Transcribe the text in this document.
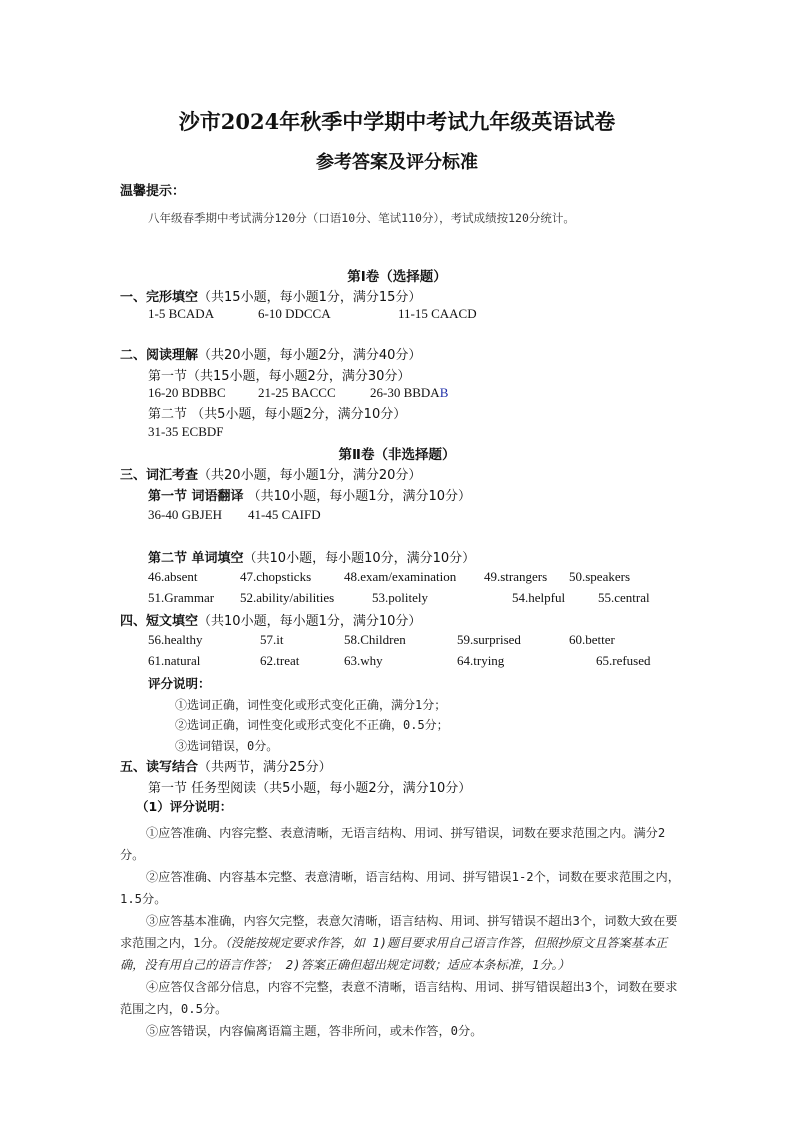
沙市2024年秋季中学期中考试九年级英语试卷
参考答案及评分标准
温馨提示：
八年级春季期中考试满分120分（口语10分、笔试110分），考试成绩按120分统计。
第Ⅰ卷（选择题）
一、完形填空（共15小题，每小题1分，满分15分）
1-5 BCADA	6-10 DDCCA	11-15 CAACD
二、阅读理解（共20小题，每小题2分，满分40分）
第一节（共15小题，每小题2分，满分30分）
16-20 BDBBC 21-25 BACCC	26-30 BBDAB
第二节 （共5小题，每小题2分，满分10分）
31-35 ECBDF
第Ⅱ卷（非选择题）
三、词汇考查（共20小题，每小题1分，满分20分）
第一节 词语翻译 （共10小题，每小题1分，满分10分）
36-40 GBJEH 41-45 CAIFD
第二节 单词填空（共10小题，每小题10分，满分10分）
46.absent	47.chopsticks	48.exam/examination 49.strangers 50.speakers
51.Grammar 52.ability/abilities	53.politely	54.helpful	55.central
四、短文填空（共10小题，每小题1分，满分10分）
56.healthy	57.it	58.Children	59.surprised	60.better
61.natural	62.treat	63.why	64.trying	65.refused
评分说明：
①选词正确，词性变化或形式变化正确，满分1分；
②选词正确，词性变化或形式变化不正确，0.5分；
③选词错误，0分。
五、读写结合（共两节，满分25分）
第一节 任务型阅读（共5小题，每小题2分，满分10分）
（1）评分说明：
①应答准确、内容完整、表意清晰，无语言结构、用词、拼写错误，词数在要求范围之内。满分2分。
②应答准确、内容基本完整、表意清晰，语言结构、用词、拼写错误1-2个，词数在要求范围之内，1.5分。
③应答基本准确，内容欠完整，表意欠清晰，语言结构、用词、拼写错误不超出3个，词数大致在要求范围之内，1分。（没能按规定要求作答，如 1)题目要求用自己语言作答，但照抄原文且答案基本正确，没有用自己的语言作答； 2)答案正确但超出规定词数；适应本条标准，1分。）
④应答仅含部分信息，内容不完整，表意不清晰，语言结构、用词、拼写错误超出3个，词数在要求范围之内，0.5分。
⑤应答错误，内容偏离语篇主题，答非所问，或未作答，0分。
